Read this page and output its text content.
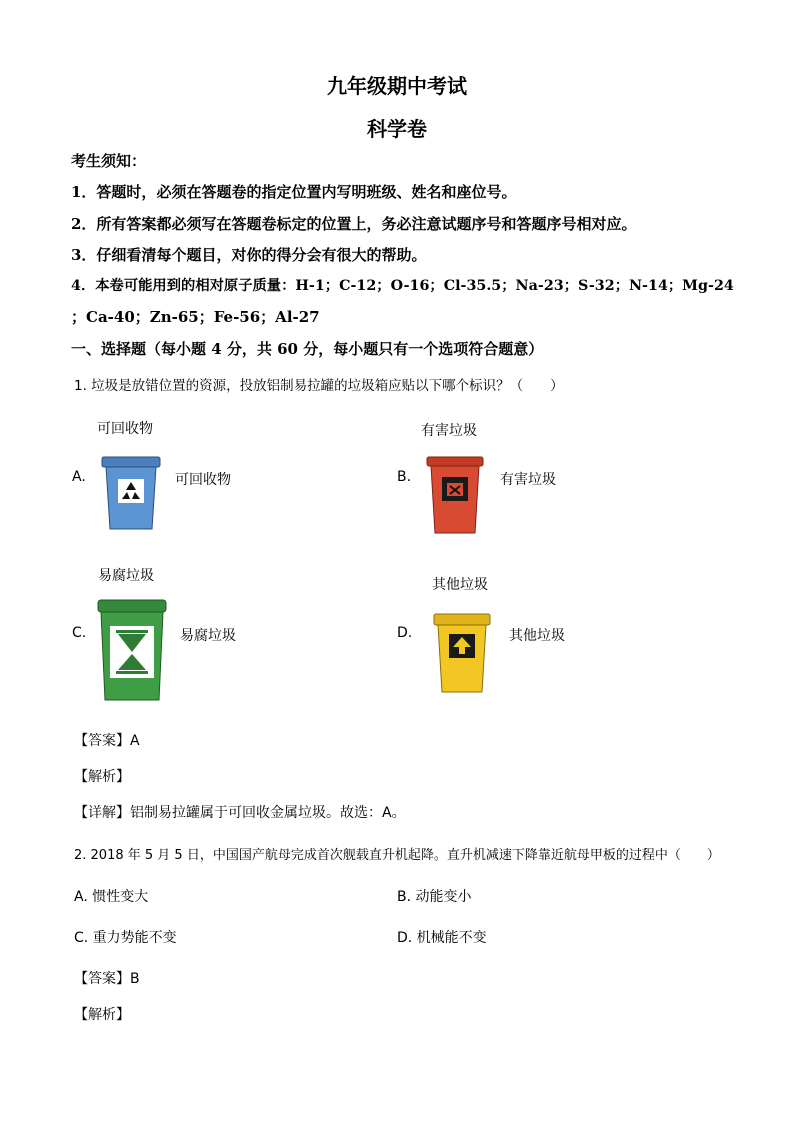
九年级期中考试
科学卷
考生须知：
1．答题时，必须在答题卷的指定位置内写明班级、姓名和座位号。
2．所有答案都必须写在答题卷标定的位置上，务必注意试题序号和答题序号相对应。
3．仔细看清每个题目，对你的得分会有很大的帮助。
4．本卷可能用到的相对原子质量：H-1；C-12；O-16；Cl-35.5；Na-23；S-32；N-14；Mg-24
；Ca-40；Zn-65；Fe-56；Al-27
一、选择题（每小题 4 分，共 60 分，每小题只有一个选项符合题意）
1. 垃圾是放错位置的资源，投放铝制易拉罐的垃圾箱应贴以下哪个标识？（　　）
可回收物
A.	可回收物
有害垃圾
B.	有害垃圾
易腐垃圾
C.	易腐垃圾
其他垃圾
D.	其他垃圾
【答案】A
【解析】
【详解】铝制易拉罐属于可回收金属垃圾。故选：A。
2. 2018 年 5 月 5 日，中国国产航母完成首次舰载直升机起降。直升机减速下降靠近航母甲板的过程中（　　）
A. 惯性变大	B. 动能变小
C. 重力势能不变	D. 机械能不变
【答案】B
【解析】
